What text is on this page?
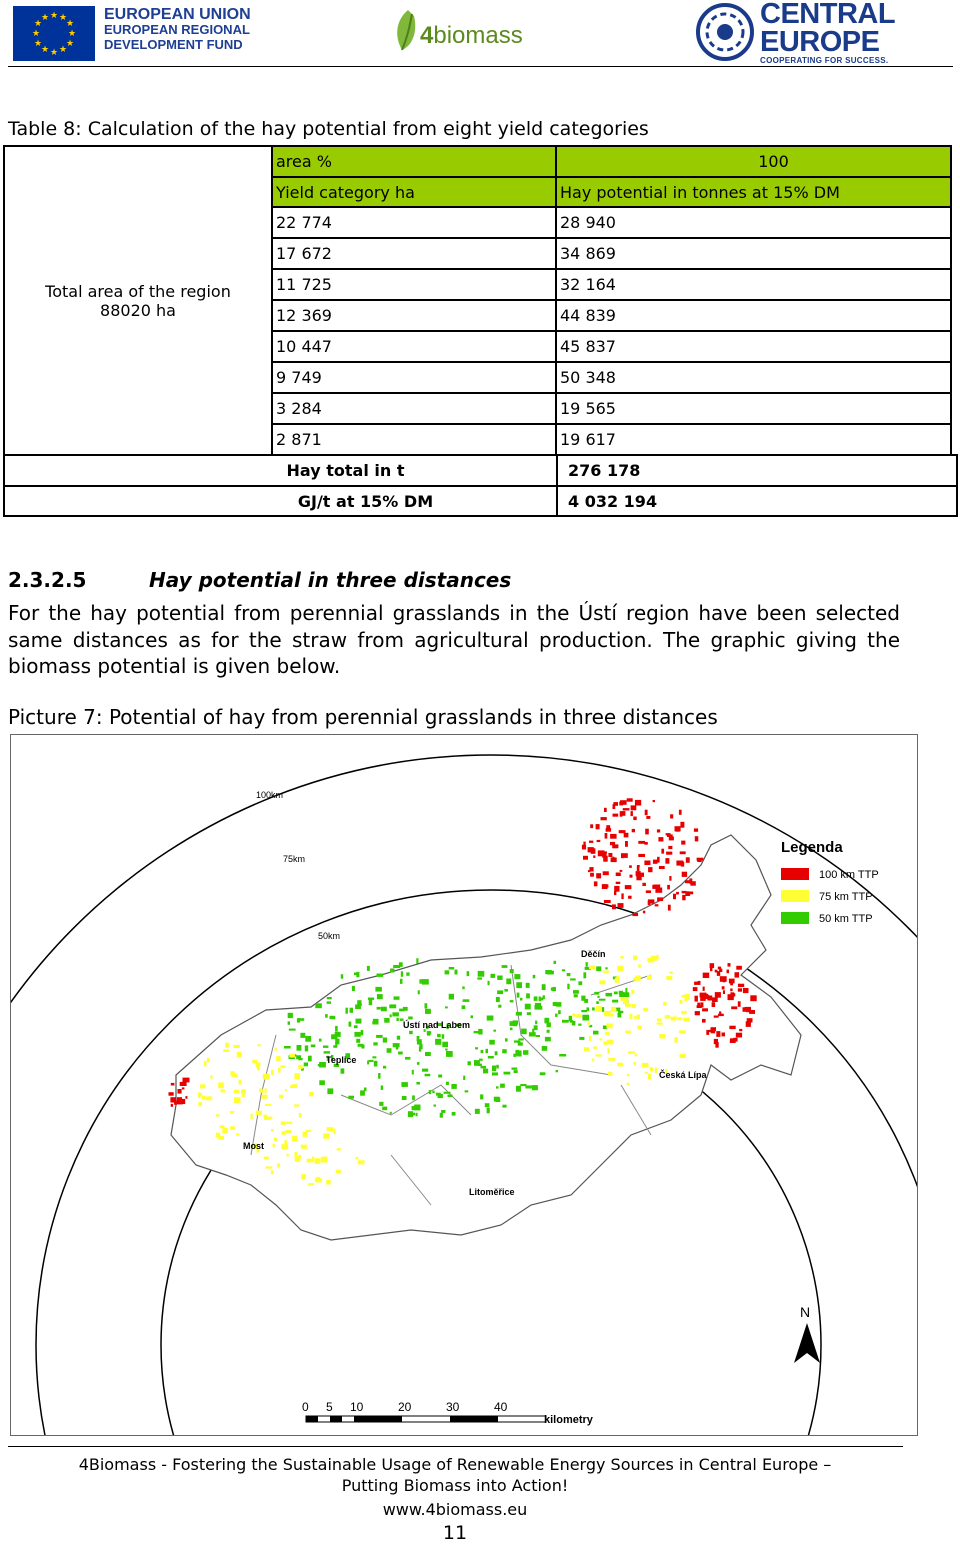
★ ★
★
★
★
★
★
★
★
★
★
★	EUROPEAN UNION
EUROPEAN REGIONAL
DEVELOPMENT FUND	4biomass
CENTRAL
EUROPE
COOPERATING FOR SUCCESS.
Table 8: Calculation of the hay potential from eight yield categories
Total area of the region
88020 ha
area %	100
Yield category ha	Hay potential in tonnes at 15% DM
22 774	28 940
17 672	34 869
11 725	32 164
12 369	44 839
10 447	45 837
9 749	50 348
3 284	19 565
2 871	19 617
Hay total in t	276 178
GJ/t at 15% DM	4 032 194
2.3.2.5	Hay potential in three distances
For the hay potential from perennial grasslands in the Ústí region have been selected same distances as for the straw from agricultural production. The graphic giving the biomass potential is given below.
Picture 7: Potential of hay from perennial grasslands in three distances
100km
75km
50km
Děčín
Ústí nad Labem
Teplice
Česká Lípa
Most
Litoměřice
Legenda
100 km TTP
75 km TTP
50 km TTP
N
0 5 10	20	30	40
kilometry
4Biomass - Fostering the Sustainable Usage of Renewable Energy Sources in Central Europe –
Putting Biomass into Action!
www.4biomass.eu
11
